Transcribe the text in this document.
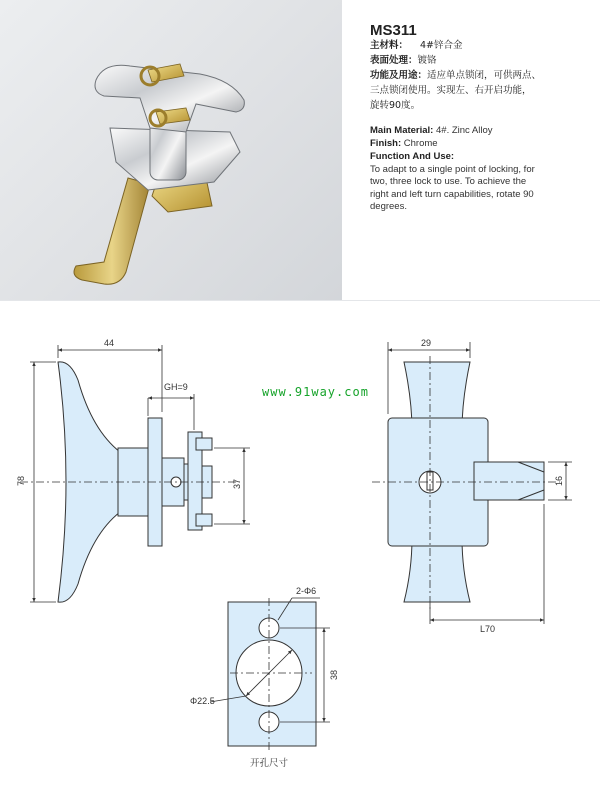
MS311
主材料： 4#锌合金
表面处理：镀铬
功能及用途：适应单点锁闭，可供两点、
三点锁闭使用。实现左、右开启功能，
旋转90度。
Main Material: 4#. Zinc Alloy
Finish: Chrome
Function And Use:
To adapt to a single point of locking, for
two, three lock to use. To achieve the
right and left turn capabilities, rotate 90
degrees.
44
GH=9
78	37
29
L70
16
2-Φ6
Φ22.5
38
开孔尺寸
www.91way.com
